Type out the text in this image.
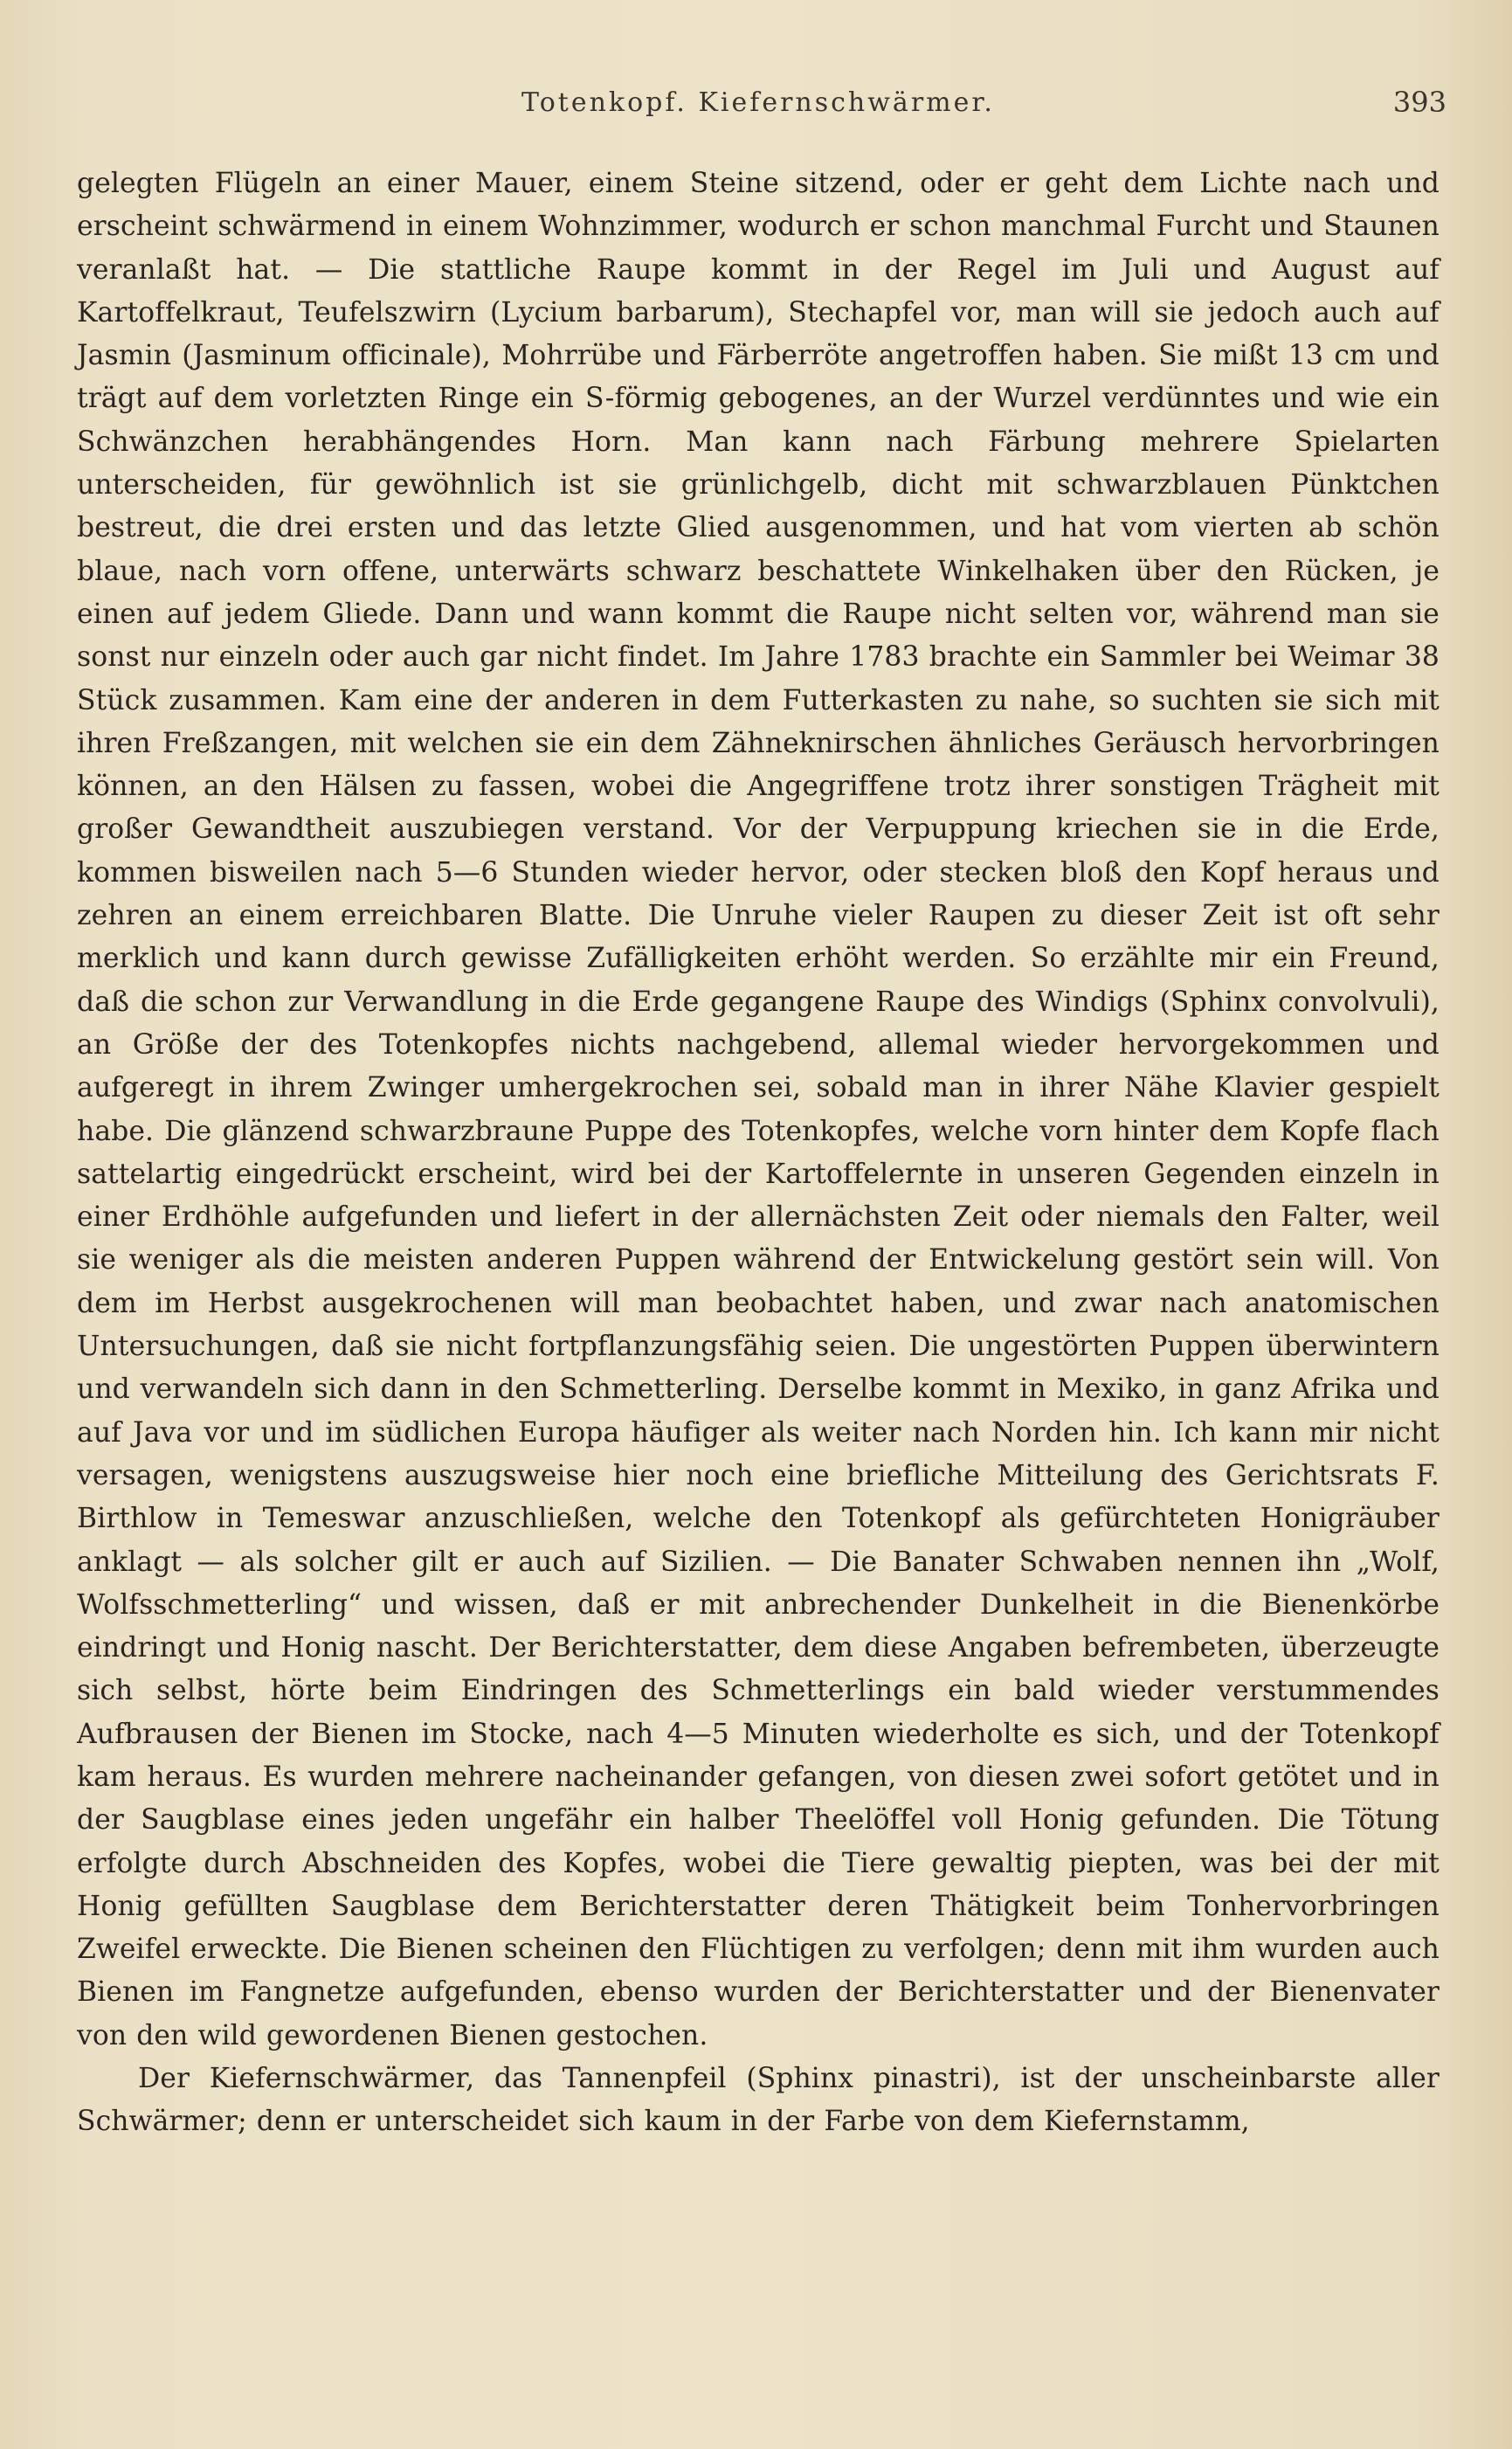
Totenkopf. Kiefernschwärmer.	393

gelegten Flügeln an einer Mauer, einem Steine sitzend, oder er geht dem Lichte nach und erscheint schwärmend in einem Wohnzimmer, wodurch er schon manchmal Furcht und Staunen veranlaßt hat. — Die stattliche Raupe kommt in der Regel im Juli und August auf Kartoffelkraut, Teufelszwirn (Lycium barbarum), Stechapfel vor, man will sie jedoch auch auf Jasmin (Jasminum officinale), Mohrrübe und Färberröte angetroffen haben. Sie mißt 13 cm und trägt auf dem vorletzten Ringe ein S-förmig gebogenes, an der Wurzel verdünntes und wie ein Schwänzchen herabhängendes Horn. Man kann nach Färbung mehrere Spielarten unterscheiden, für gewöhnlich ist sie grünlichgelb, dicht mit schwarzblauen Pünktchen bestreut, die drei ersten und das letzte Glied ausgenommen, und hat vom vierten ab schön blaue, nach vorn offene, unterwärts schwarz beschattete Winkelhaken über den Rücken, je einen auf jedem Gliede. Dann und wann kommt die Raupe nicht selten vor, während man sie sonst nur einzeln oder auch gar nicht findet. Im Jahre 1783 brachte ein Sammler bei Weimar 38 Stück zusammen. Kam eine der anderen in dem Futterkasten zu nahe, so suchten sie sich mit ihren Freßzangen, mit welchen sie ein dem Zähneknirschen ähnliches Geräusch hervorbringen können, an den Hälsen zu fassen, wobei die Angegriffene trotz ihrer sonstigen Trägheit mit großer Gewandtheit auszubiegen verstand. Vor der Verpuppung kriechen sie in die Erde, kommen bisweilen nach 5—6 Stunden wieder hervor, oder stecken bloß den Kopf heraus und zehren an einem erreichbaren Blatte. Die Unruhe vieler Raupen zu dieser Zeit ist oft sehr merklich und kann durch gewisse Zufälligkeiten erhöht werden. So erzählte mir ein Freund, daß die schon zur Verwandlung in die Erde gegangene Raupe des Windigs (Sphinx convolvuli), an Größe der des Totenkopfes nichts nachgebend, allemal wieder hervorgekommen und aufgeregt in ihrem Zwinger umhergekrochen sei, sobald man in ihrer Nähe Klavier gespielt habe. Die glänzend schwarzbraune Puppe des Totenkopfes, welche vorn hinter dem Kopfe flach sattelartig eingedrückt erscheint, wird bei der Kartoffelernte in unseren Gegenden einzeln in einer Erdhöhle aufgefunden und liefert in der allernächsten Zeit oder niemals den Falter, weil sie weniger als die meisten anderen Puppen während der Entwickelung gestört sein will. Von dem im Herbst ausgekrochenen will man beobachtet haben, und zwar nach anatomischen Untersuchungen, daß sie nicht fortpflanzungsfähig seien. Die ungestörten Puppen überwintern und verwandeln sich dann in den Schmetterling. Derselbe kommt in Mexiko, in ganz Afrika und auf Java vor und im südlichen Europa häufiger als weiter nach Norden hin. Ich kann mir nicht versagen, wenigstens auszugsweise hier noch eine briefliche Mitteilung des Gerichtsrats F. Birthlow in Temeswar anzuschließen, welche den Totenkopf als gefürchteten Honigräuber anklagt — als solcher gilt er auch auf Sizilien. — Die Banater Schwaben nennen ihn „Wolf, Wolfsschmetterling“ und wissen, daß er mit anbrechender Dunkelheit in die Bienenkörbe eindringt und Honig nascht. Der Berichterstatter, dem diese Angaben befrembeten, überzeugte sich selbst, hörte beim Eindringen des Schmetterlings ein bald wieder verstummendes Aufbrausen der Bienen im Stocke, nach 4—5 Minuten wiederholte es sich, und der Totenkopf kam heraus. Es wurden mehrere nacheinander gefangen, von diesen zwei sofort getötet und in der Saugblase eines jeden ungefähr ein halber Theelöffel voll Honig gefunden. Die Tötung erfolgte durch Abschneiden des Kopfes, wobei die Tiere gewaltig piepten, was bei der mit Honig gefüllten Saugblase dem Berichterstatter deren Thätigkeit beim Tonhervorbringen Zweifel erweckte. Die Bienen scheinen den Flüchtigen zu verfolgen; denn mit ihm wurden auch Bienen im Fangnetze aufgefunden, ebenso wurden der Berichterstatter und der Bienenvater von den wild gewordenen Bienen gestochen.

Der Kiefernschwärmer, das Tannenpfeil (Sphinx pinastri), ist der unscheinbarste aller Schwärmer; denn er unterscheidet sich kaum in der Farbe von dem Kiefernstamm,
